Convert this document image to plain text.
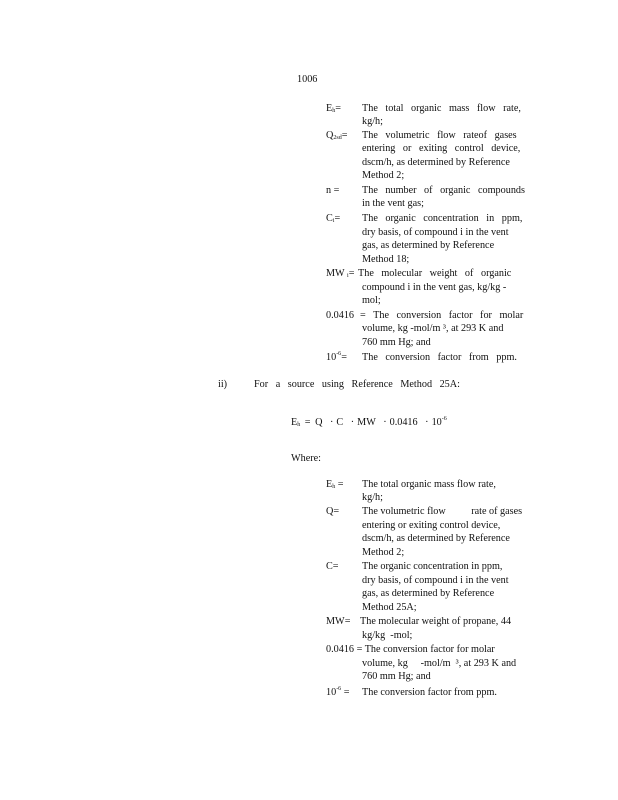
1006
$E_h=$ The total organic mass flow rate,
kg/h;
$Q_{2sd}=$ The volumetric flow rateof gases
entering or exiting control device,
dscm/h, as determined by Reference
Method 2;
n = The number of organic compounds
in the vent gas;
$C_i=$ The organic concentration in ppm,
dry basis, of compound i in the vent
gas, as determined by Reference
Method 18;
MW $_i$= The molecular weight of organic
compound i in the vent gas, kg/kg -
mol;
0.0416 = The conversion factor for molar
volume, kg -mol/m ³, at 293 K and
760 mm Hg; and
$10^{-6}=$ The conversion factor from ppm.
ii)	For a source using Reference Method 25A:
$E_h = Q \cdot C$ · MW · $0.0416 \cdot 10^{-6}$
Where:
$E_h$ = The total organic mass flow rate,
kg/h;
Q= The volumetric flow          rate of gases
entering or exiting control device,
dscm/h, as determined by Reference
Method 2;
C= The organic concentration in ppm,
dry basis, of compound i in the vent
gas, as determined by Reference
Method 25A;
MW= The molecular weight of propane, 44
kg/kg  -mol;
0.0416 = The conversion factor for molar
volume, kg     -mol/m  ³, at 293 K and
760 mm Hg; and
$10^{-6}$ = The conversion factor from ppm.
